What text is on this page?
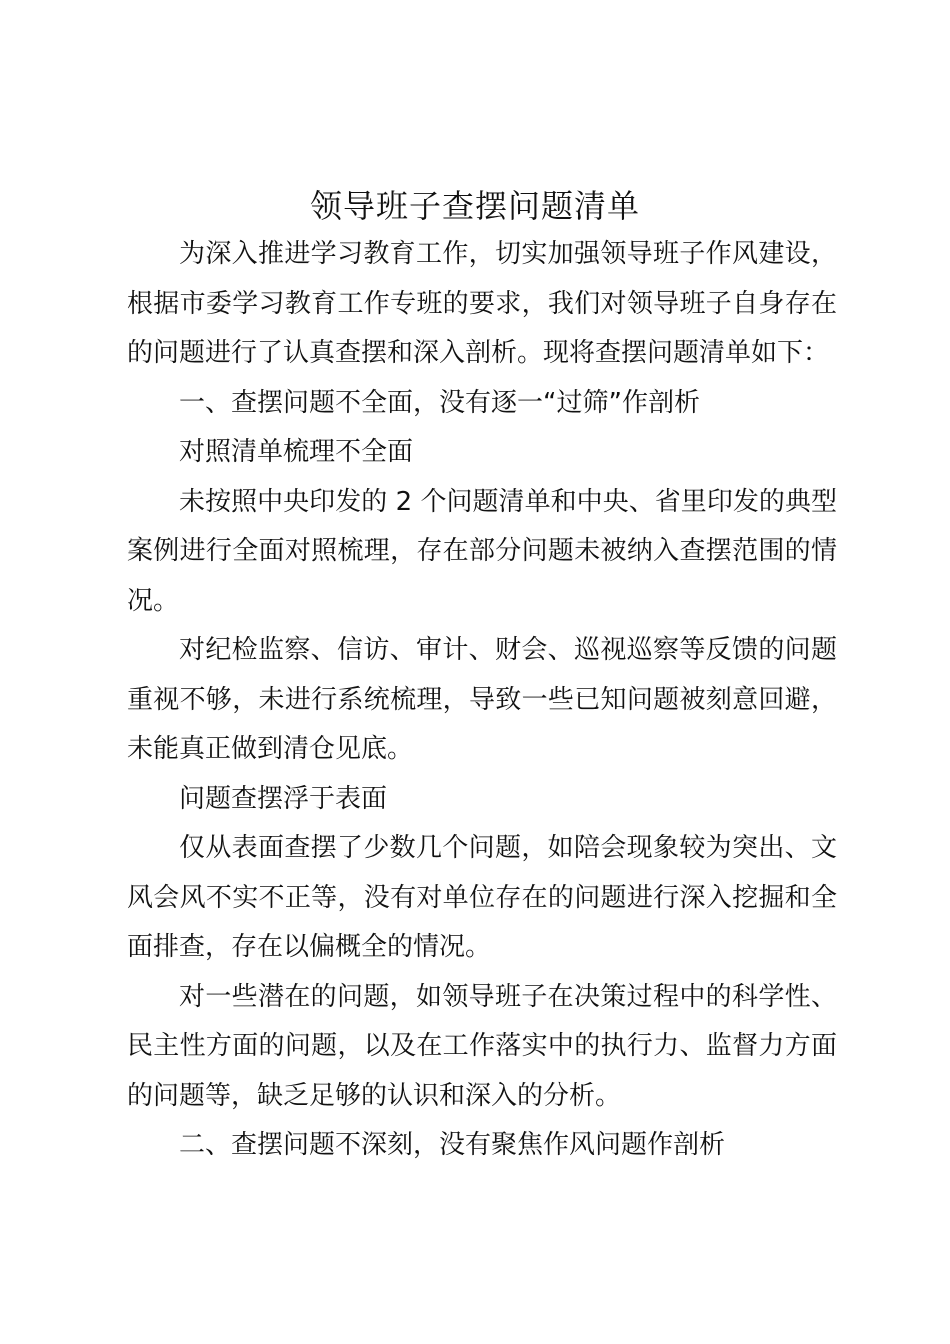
领导班子查摆问题清单

为深入推进学习教育工作，切实加强领导班子作风建设，根据市委学习教育工作专班的要求，我们对领导班子自身存在的问题进行了认真查摆和深入剖析。现将查摆问题清单如下：

一、查摆问题不全面，没有逐一“过筛”作剖析

对照清单梳理不全面

未按照中央印发的 2 个问题清单和中央、省里印发的典型案例进行全面对照梳理，存在部分问题未被纳入查摆范围的情况。

对纪检监察、信访、审计、财会、巡视巡察等反馈的问题重视不够，未进行系统梳理，导致一些已知问题被刻意回避，未能真正做到清仓见底。

问题查摆浮于表面

仅从表面查摆了少数几个问题，如陪会现象较为突出、文风会风不实不正等，没有对单位存在的问题进行深入挖掘和全面排查，存在以偏概全的情况。

对一些潜在的问题，如领导班子在决策过程中的科学性、民主性方面的问题，以及在工作落实中的执行力、监督力方面的问题等，缺乏足够的认识和深入的分析。

二、查摆问题不深刻，没有聚焦作风问题作剖析
